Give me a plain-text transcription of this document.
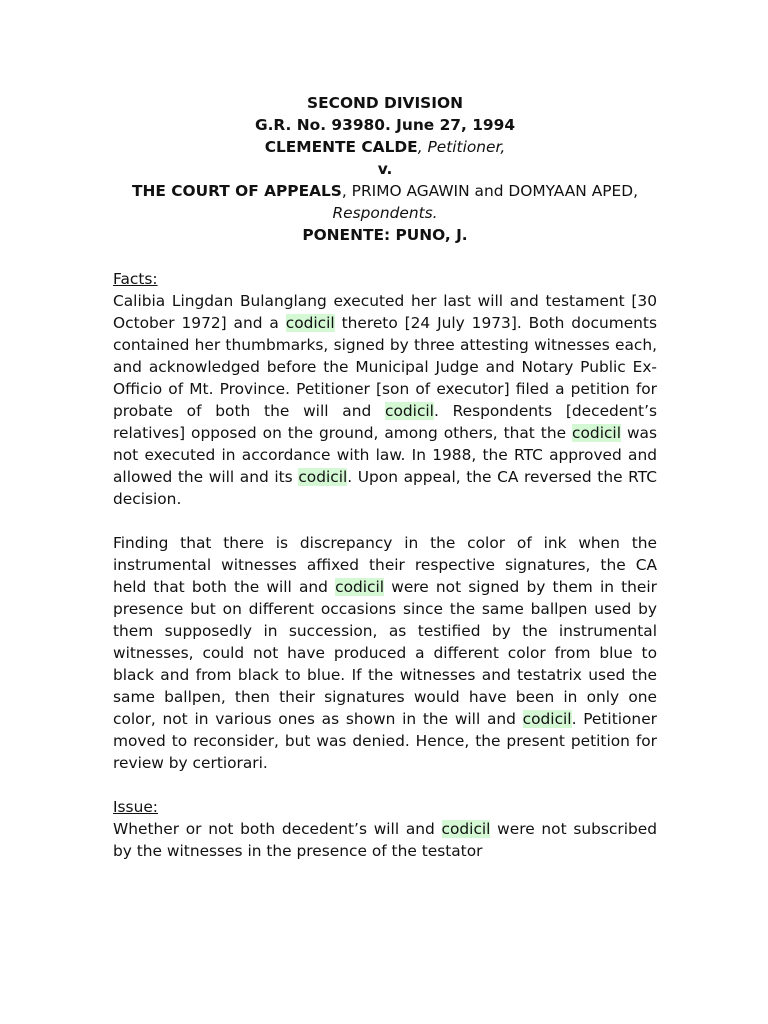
SECOND DIVISION
G.R. No. 93980. June 27, 1994
CLEMENTE CALDE, Petitioner,
v.
THE COURT OF APPEALS, PRIMO AGAWIN and DOMYAAN APED, Respondents.
PONENTE: PUNO, J.

Facts:

Calibia Lingdan Bulanglang executed her last will and testament [30 October 1972] and a codicil thereto [24 July 1973]. Both documents contained her thumbmarks, signed by three attesting witnesses each, and acknowledged before the Municipal Judge and Notary Public Ex-Officio of Mt. Province. Petitioner [son of executor] filed a petition for probate of both the will and codicil. Respondents [decedent’s relatives] opposed on the ground, among others, that the codicil was not executed in accordance with law. In 1988, the RTC approved and allowed the will and its codicil. Upon appeal, the CA reversed the RTC decision.

Finding that there is discrepancy in the color of ink when the instrumental witnesses affixed their respective signatures, the CA held that both the will and codicil were not signed by them in their presence but on different occasions since the same ballpen used by them supposedly in succession, as testified by the instrumental witnesses, could not have produced a different color from blue to black and from black to blue. If the witnesses and testatrix used the same ballpen, then their signatures would have been in only one color, not in various ones as shown in the will and codicil. Petitioner moved to reconsider, but was denied. Hence, the present petition for review by certiorari.

Issue:

Whether or not both decedent’s will and codicil were not subscribed by the witnesses in the presence of the testator
